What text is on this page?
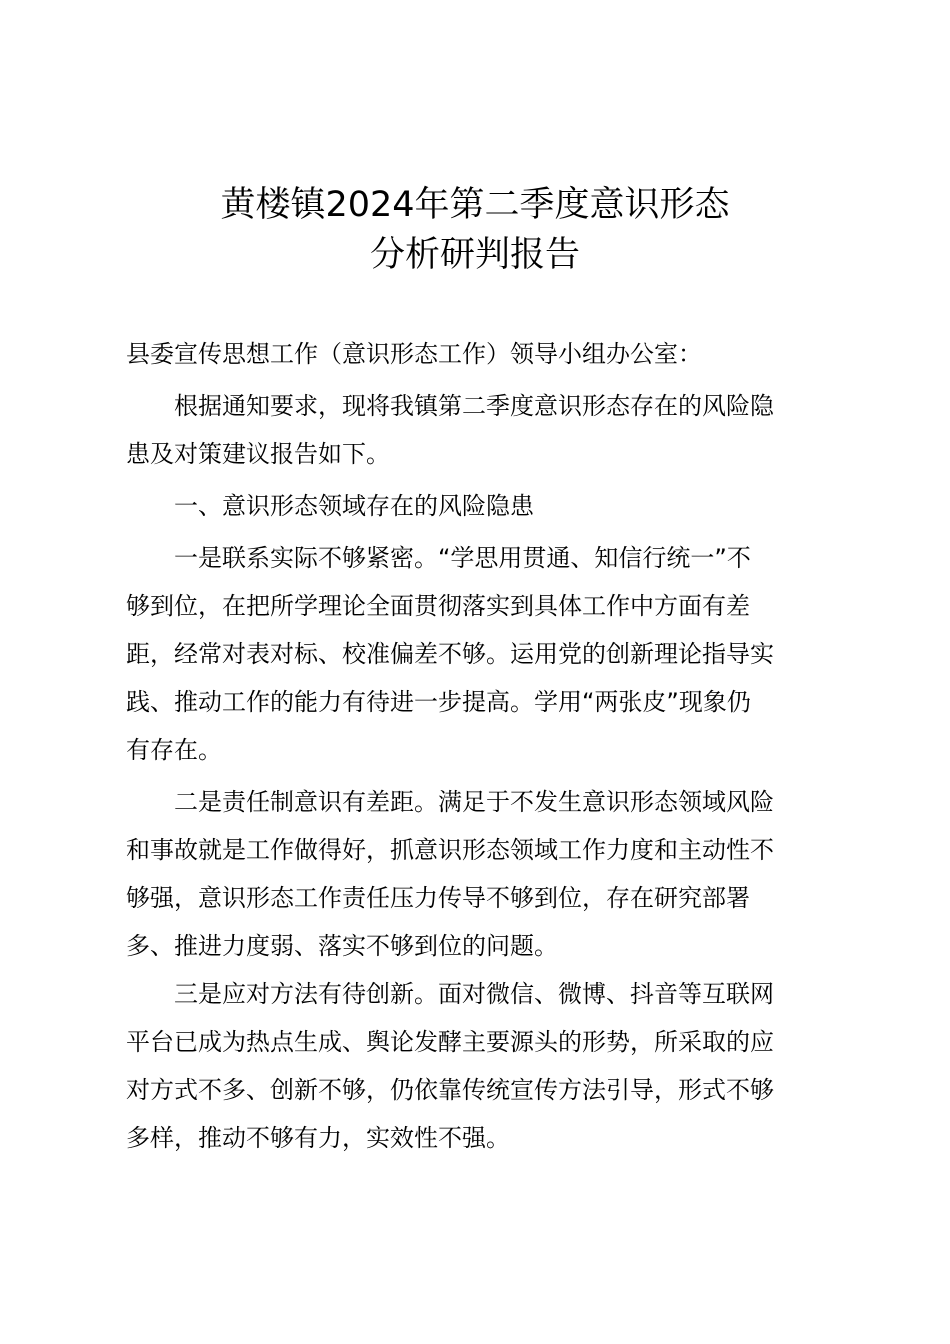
黄楼镇2024年第二季度意识形态
分析研判报告
县委宣传思想工作（意识形态工作）领导小组办公室：
根据通知要求，现将我镇第二季度意识形态存在的风险隐
患及对策建议报告如下。
一、意识形态领域存在的风险隐患
一是联系实际不够紧密。“学思用贯通、知信行统一”不
够到位，在把所学理论全面贯彻落实到具体工作中方面有差
距，经常对表对标、校准偏差不够。运用党的创新理论指导实
践、推动工作的能力有待进一步提高。学用“两张皮”现象仍
有存在。
二是责任制意识有差距。满足于不发生意识形态领域风险
和事故就是工作做得好，抓意识形态领域工作力度和主动性不
够强，意识形态工作责任压力传导不够到位，存在研究部署
多、推进力度弱、落实不够到位的问题。
三是应对方法有待创新。面对微信、微博、抖音等互联网
平台已成为热点生成、舆论发酵主要源头的形势，所采取的应
对方式不多、创新不够，仍依靠传统宣传方法引导，形式不够
多样，推动不够有力，实效性不强。
